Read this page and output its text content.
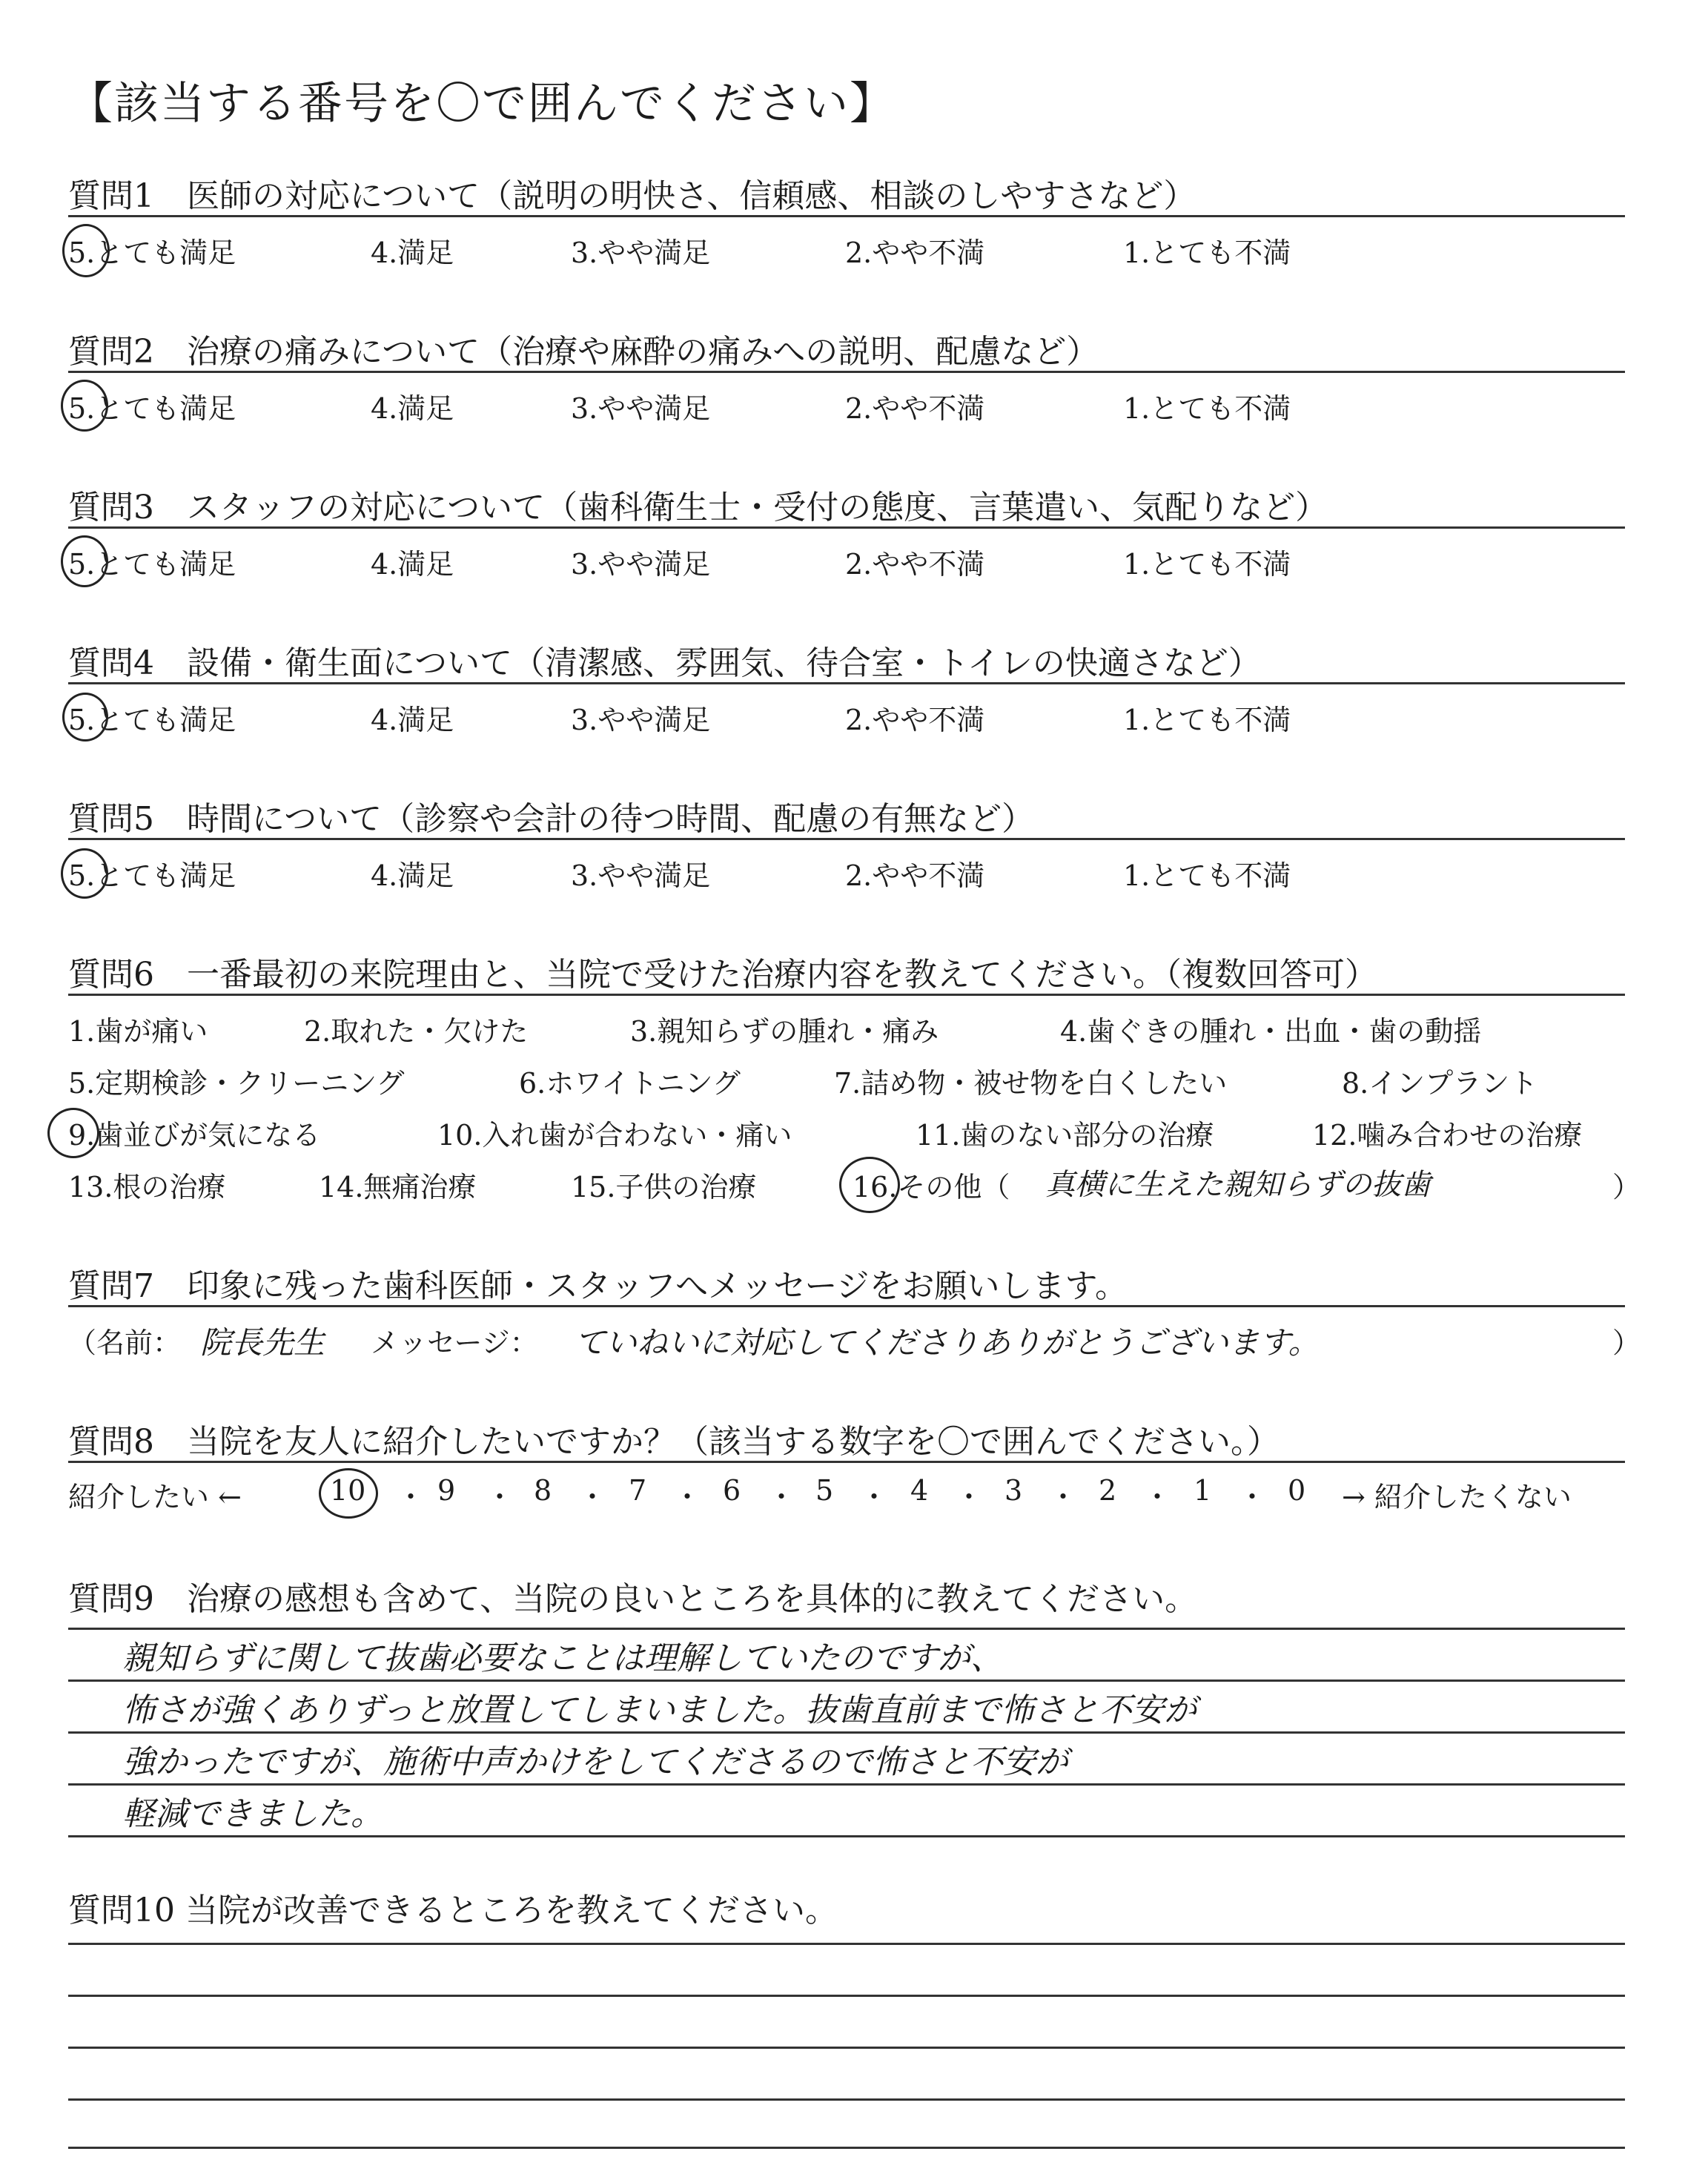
【該当する番号を〇で囲んでください】
質問1　医師の対応について（説明の明快さ、信頼感、相談のしやすさなど）
5.とても満足	4.満足	3.やや満足	2.やや不満	1.とても不満
質問2　治療の痛みについて（治療や麻酔の痛みへの説明、配慮など）
5.とても満足	4.満足	3.やや満足	2.やや不満	1.とても不満
質問3　スタッフの対応について（歯科衛生士・受付の態度、言葉遣い、気配りなど）
5.とても満足	4.満足	3.やや満足	2.やや不満	1.とても不満
質問4　設備・衛生面について（清潔感、雰囲気、待合室・トイレの快適さなど）
5.とても満足	4.満足	3.やや満足	2.やや不満	1.とても不満
質問5　時間について（診察や会計の待つ時間、配慮の有無など）
5.とても満足	4.満足	3.やや満足	2.やや不満	1.とても不満
質問6　一番最初の来院理由と、当院で受けた治療内容を教えてください。（複数回答可）
1.歯が痛い	2.取れた・欠けた	3.親知らずの腫れ・痛み	4.歯ぐきの腫れ・出血・歯の動揺
5.定期検診・クリーニング	6.ホワイトニング	7.詰め物・被せ物を白くしたい	8.インプラント
9.歯並びが気になる	10.入れ歯が合わない・痛い	11.歯のない部分の治療	12.噛み合わせの治療
13.根の治療	14.無痛治療	15.子供の治療	16.その他（ 真横に生えた親知らずの抜歯	）
質問7　印象に残った歯科医師・スタッフへメッセージをお願いします。
（名前： 院長先生 メッセージ： ていねいに対応してくださりありがとうございます。	）
質問8　当院を友人に紹介したいですか？（該当する数字を〇で囲んでください。）
紹介したい ←	10 ・ 9 ・ 8 ・ 7 ・ 6 ・ 5 ・ 4 ・ 3 ・ 2 ・ 1 ・ 0 → 紹介したくない
質問9　治療の感想も含めて、当院の良いところを具体的に教えてください。
親知らずに関して抜歯必要なことは理解していたのですが、
怖さが強くありずっと放置してしまいました。抜歯直前まで怖さと不安が
強かったですが、施術中声かけをしてくださるので怖さと不安が
軽減できました。
質問10 当院が改善できるところを教えてください。
